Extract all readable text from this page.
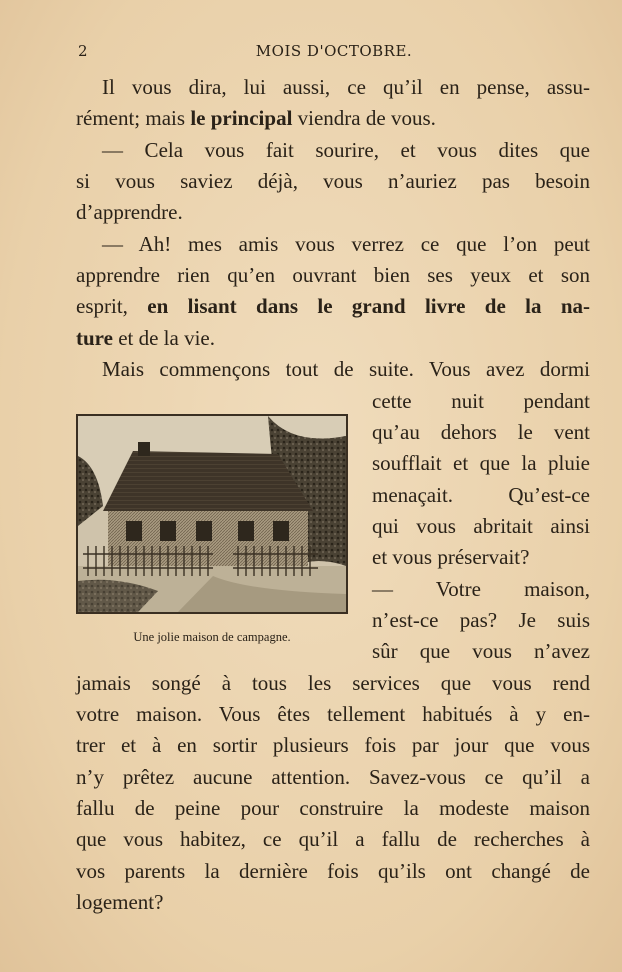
2	MOIS D'OCTOBRE.
Il vous dira, lui aussi, ce qu’il en pense, assu-
rément; mais le principal viendra de vous.
— Cela vous fait sourire, et vous dites que
si vous saviez déjà, vous n’auriez pas besoin
d’apprendre.
— Ah! mes amis vous verrez ce que l’on peut
apprendre rien qu’en ouvrant bien ses yeux et son
esprit, en lisant dans le grand livre de la na-
ture et de la vie.
Mais commençons tout de suite. Vous avez dormi
cette nuit pendant
qu’au dehors le vent
soufflait et que la pluie
menaçait. Qu’est-ce
qui vous abritait ainsi
et vous préservait?
— Votre maison,
n’est-ce pas? Je suis
sûr que vous n’avez
jamais songé à tous les services que vous rend
votre maison. Vous êtes tellement habitués à y en-
trer et à en sortir plusieurs fois par jour que vous
n’y prêtez aucune attention. Savez-vous ce qu’il a
fallu de peine pour construire la modeste maison
que vous habitez, ce qu’il a fallu de recherches à
vos parents la dernière fois qu’ils ont changé de
logement?
Une jolie maison de campagne.
